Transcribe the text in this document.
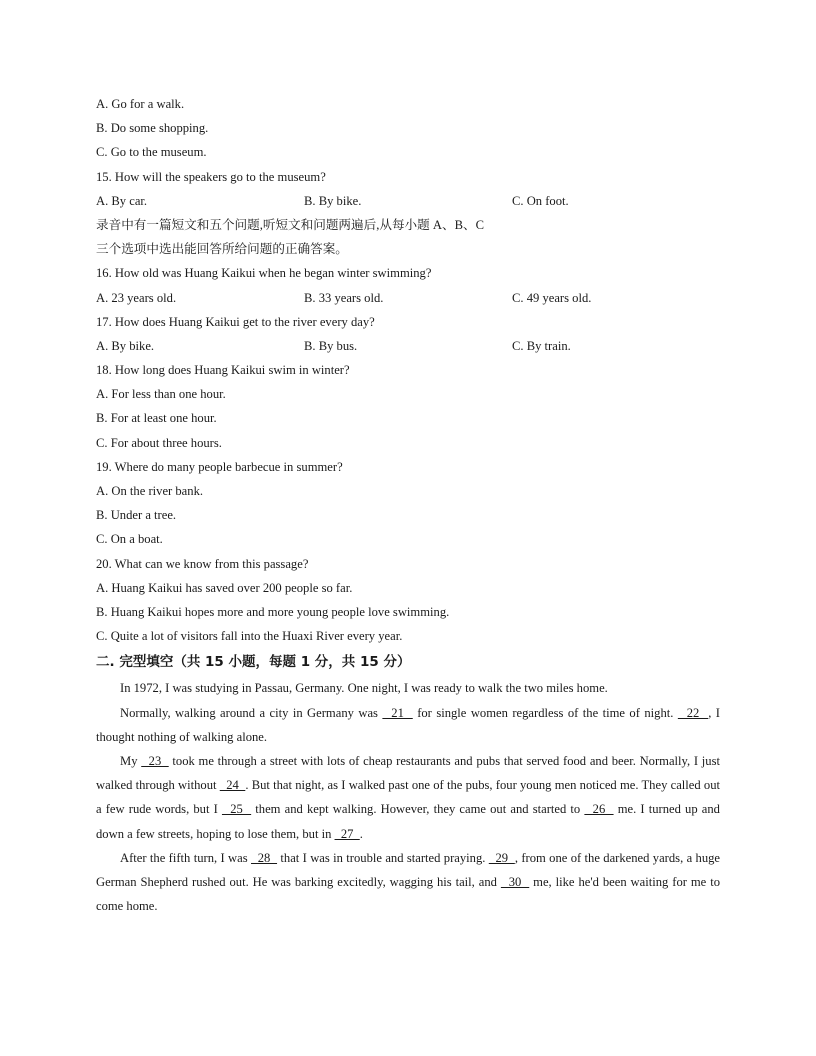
A. Go for a walk.
B. Do some shopping.
C. Go to the museum.
15. How will the speakers go to the museum?
A. By car.	B. By bike.	C. On foot.
录音中有一篇短文和五个问题,听短文和问题两遍后,从每小题 A、B、C
三个选项中选出能回答所给问题的正确答案。
16. How old was Huang Kaikui when he began winter swimming?
A. 23 years old.	B. 33 years old.	C. 49 years old.
17. How does Huang Kaikui get to the river every day?
A. By bike.	B. By bus.	C. By train.
18. How long does Huang Kaikui swim in winter?
A. For less than one hour.
B. For at least one hour.
C. For about three hours.
19. Where do many people barbecue in summer?
A. On the river bank.
B. Under a tree.
C. On a boat.
20. What can we know from this passage?
A. Huang Kaikui has saved over 200 people so far.
B. Huang Kaikui hopes more and more young people love swimming.
C. Quite a lot of visitors fall into the Huaxi River every year.
二. 完型填空（共 15 小题，每题 1 分，共 15 分）
In 1972, I was studying in Passau, Germany. One night, I was ready to walk the two miles home.
Normally, walking around a city in Germany was   21   for single women regardless of the time of night.   22  , I thought nothing of walking alone.
My   23   took me through a street with lots of cheap restaurants and pubs that served food and beer. Normally, I just walked through without   24  . But that night, as I walked past one of the pubs, four young men noticed me. They called out a few rude words, but I   25   them and kept walking. However, they came out and started to   26   me. I turned up and down a few streets, hoping to lose them, but in   27  .
After the fifth turn, I was   28   that I was in trouble and started praying.   29  , from one of the darkened yards, a huge German Shepherd rushed out. He was barking excitedly, wagging his tail, and   30   me, like he'd been waiting for me to come home.
